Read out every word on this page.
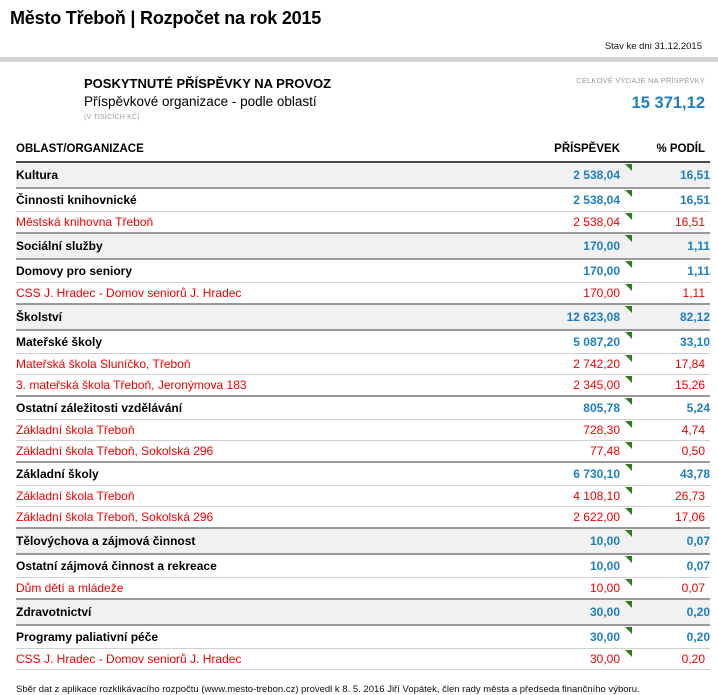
Město Třeboň | Rozpočet na rok 2015
Stav ke dni 31.12.2015
POSKYTNUTÉ PŘÍSPĚVKY NA PROVOZ
Příspěvkové organizace - podle oblastí
(V TISÍCÍCH KČ)
CELKOVÉ VÝDAJE NA PŘÍSPĚVKY
15 371,12
OBLAST/ORGANIZACE	PŘÍSPĚVEK	% PODÍL
Kultura	2 538,04	16,51
Činnosti knihovnické	2 538,04	16,51
Městská knihovna Třeboň	2 538,04	16,51
Sociální služby	170,00	1,11
Domovy pro seniory	170,00	1,11
CSS J. Hradec - Domov seniorů J. Hradec	170,00	1,11
Školství	12 623,08	82,12
Mateřské školy	5 087,20	33,10
Mateřská škola Sluníčko, Třeboň	2 742,20	17,84
3. mateřská škola Třeboň, Jeronýmova 183	2 345,00	15,26
Ostatní záležitosti vzdělávání	805,78	5,24
Základní škola Třeboň	728,30	4,74
Základní škola Třeboň, Sokolská 296	77,48	0,50
Základní školy	6 730,10	43,78
Základní škola Třeboň	4 108,10	26,73
Základní škola Třeboň, Sokolská 296	2 622,00	17,06
Tělovýchova a zájmová činnost	10,00	0,07
Ostatní zájmová činnost a rekreace	10,00	0,07
Dům dětí a mládeže	10,00	0,07
Zdravotnictví	30,00	0,20
Programy paliativní péče	30,00	0,20
CSS J. Hradec - Domov seniorů J. Hradec	30,00	0,20
Sběr dat z aplikace rozklikávacího rozpočtu (www.mesto-trebon.cz) provedl k 8. 5. 2016 Jiří Vopátek, člen rady města a předseda finančního výboru.
